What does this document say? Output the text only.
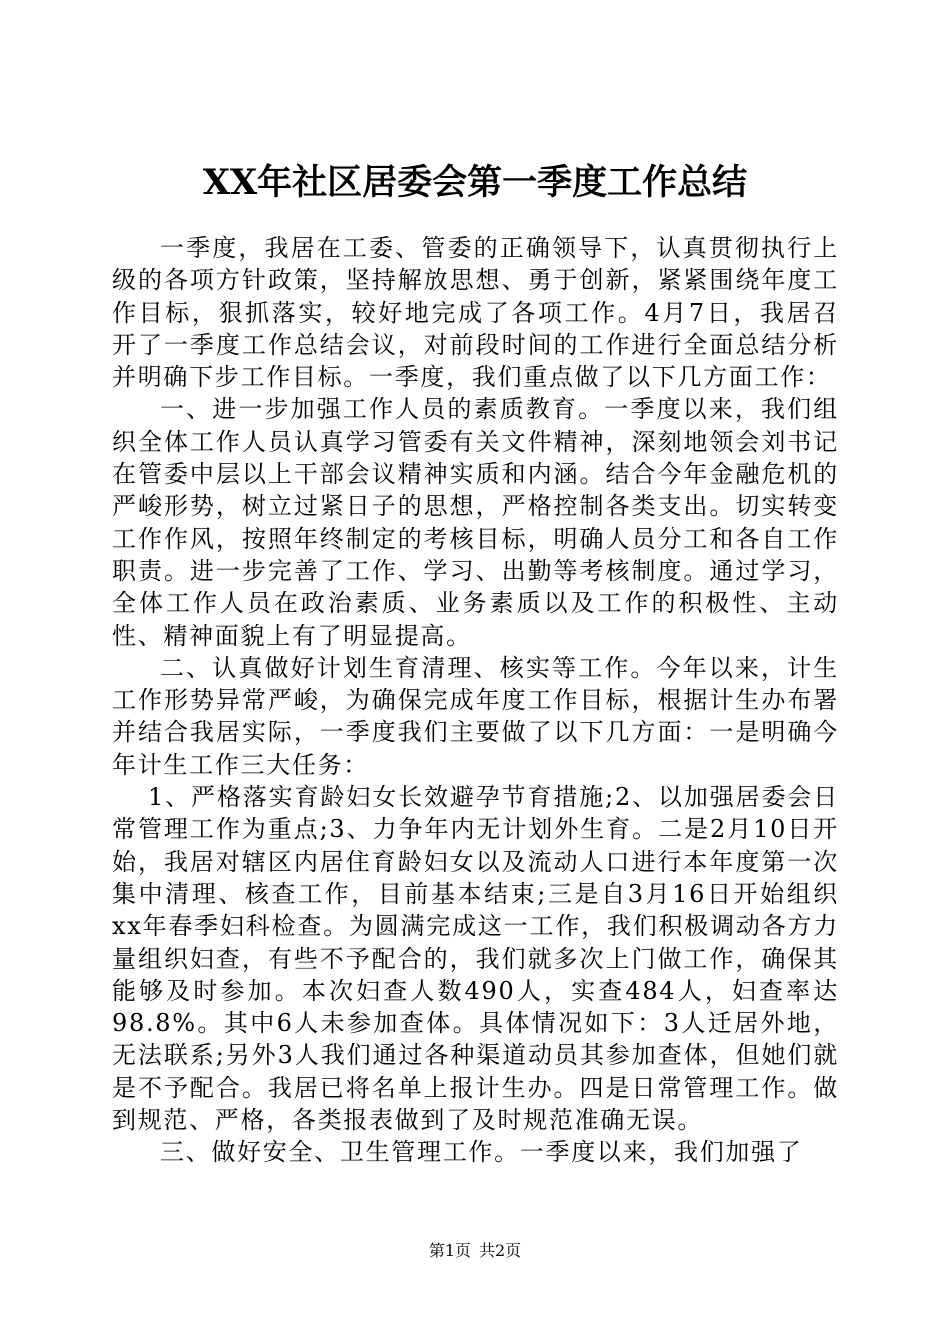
XX年社区居委会第一季度工作总结

一季度，我居在工委、管委的正确领导下，认真贯彻执行上级的各项方针政策，坚持解放思想、勇于创新，紧紧围绕年度工作目标，狠抓落实，较好地完成了各项工作。4月7日，我居召开了一季度工作总结会议，对前段时间的工作进行全面总结分析并明确下步工作目标。一季度，我们重点做了以下几方面工作：

一、进一步加强工作人员的素质教育。一季度以来，我们组织全体工作人员认真学习管委有关文件精神，深刻地领会刘书记在管委中层以上干部会议精神实质和内涵。结合今年金融危机的严峻形势，树立过紧日子的思想，严格控制各类支出。切实转变工作作风，按照年终制定的考核目标，明确人员分工和各自工作职责。进一步完善了工作、学习、出勤等考核制度。通过学习，全体工作人员在政治素质、业务素质以及工作的积极性、主动性、精神面貌上有了明显提高。

二、认真做好计划生育清理、核实等工作。今年以来，计生工作形势异常严峻，为确保完成年度工作目标，根据计生办布署并结合我居实际，一季度我们主要做了以下几方面：一是明确今年计生工作三大任务：

1、严格落实育龄妇女长效避孕节育措施;2、以加强居委会日常管理工作为重点;3、力争年内无计划外生育。二是2月10日开始，我居对辖区内居住育龄妇女以及流动人口进行本年度第一次集中清理、核查工作，目前基本结束;三是自3月16日开始组织xx年春季妇科检查。为圆满完成这一工作，我们积极调动各方力量组织妇查，有些不予配合的，我们就多次上门做工作，确保其能够及时参加。本次妇查人数490人，实查484人，妇查率达98.8%。其中6人未参加查体。具体情况如下：3人迁居外地，无法联系;另外3人我们通过各种渠道动员其参加查体，但她们就是不予配合。我居已将名单上报计生办。四是日常管理工作。做到规范、严格，各类报表做到了及时规范准确无误。

三、做好安全、卫生管理工作。一季度以来，我们加强了

第1页 共2页
